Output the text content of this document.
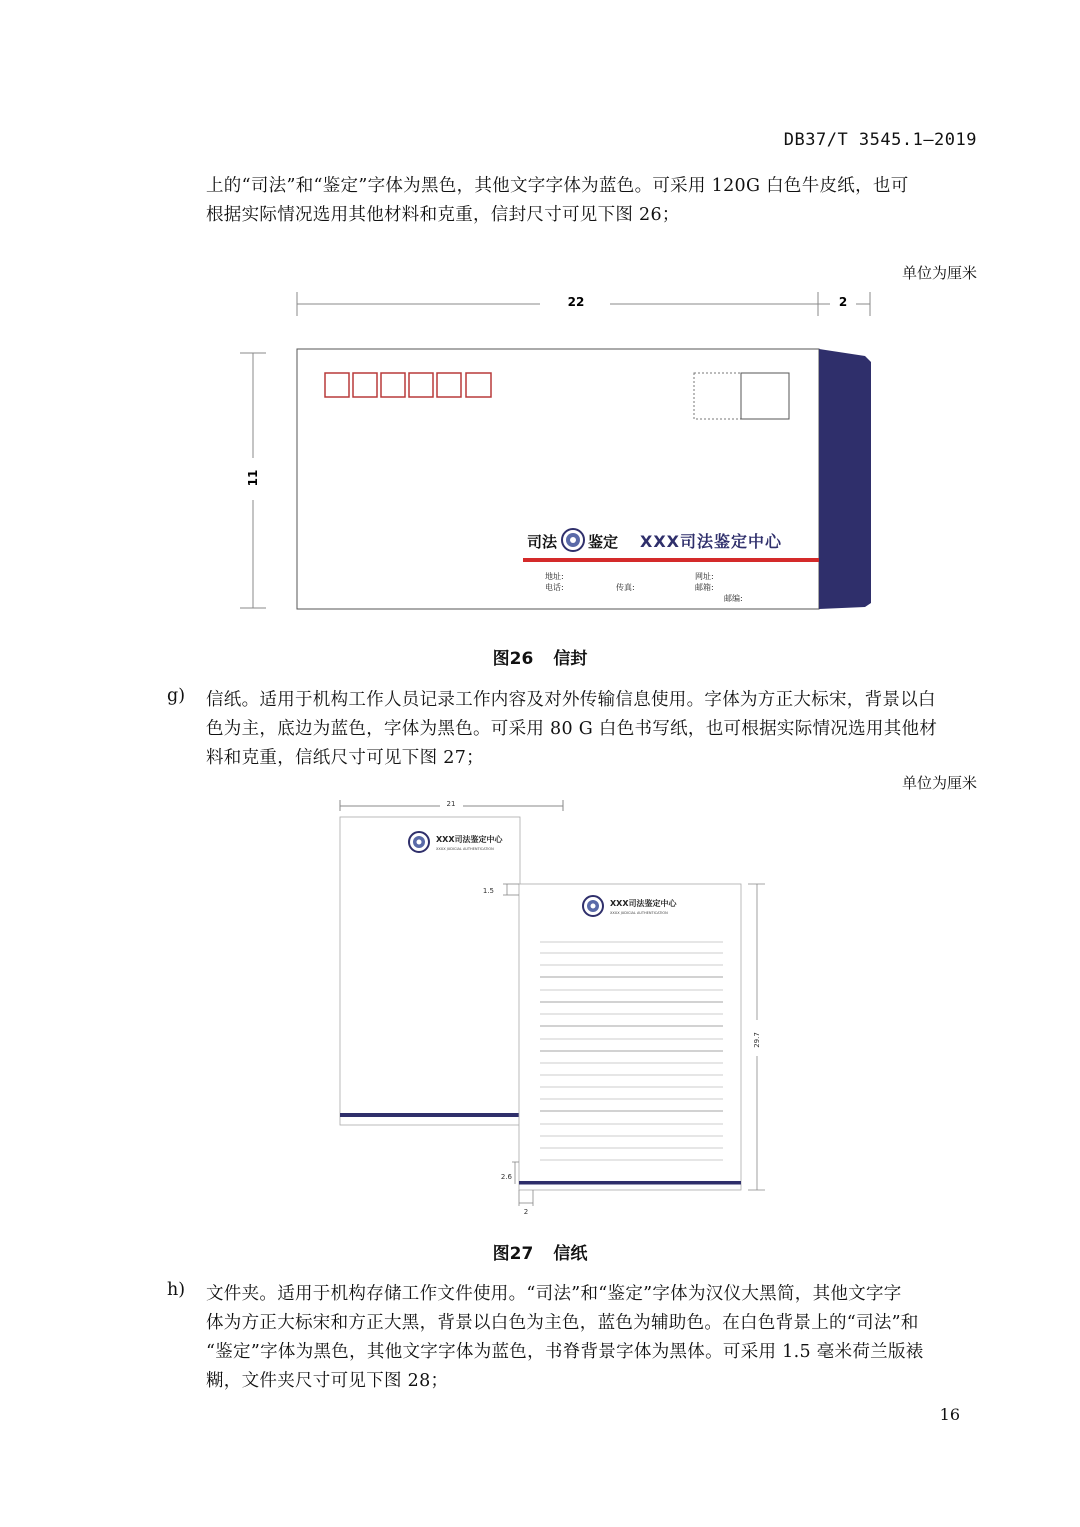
DB37/T 3545.1—2019

上的“司法”和“鉴定”字体为黑色，其他文字字体为蓝色。可采用 120G 白色牛皮纸，也可

根据实际情况选用其他材料和克重，信封尺寸可见下图 26；

单位为厘米
22	2
11
司法 鉴定 XXX司法鉴定中心
地址:
电话:	传真:
网址:
邮箱:
邮编:
图26 信封
g) 信纸。适用于机构工作人员记录工作内容及对外传输信息使用。字体为方正大标宋，背景以白

色为主，底边为蓝色，字体为黑色。可采用 80 G 白色书写纸，也可根据实际情况选用其他材

料和克重，信纸尺寸可见下图 27；

单位为厘米
21
XXX司法鉴定中心
XXXX JUDICIAL AUTHENTICATION
XXX司法鉴定中心
XXXX JUDICIAL AUTHENTICATION
1.5
29.7
2.6
2
图27 信纸
h) 文件夹。适用于机构存储工作文件使用。“司法”和“鉴定”字体为汉仪大黑简，其他文字字

体为方正大标宋和方正大黑，背景以白色为主色，蓝色为辅助色。在白色背景上的“司法”和

“鉴定”字体为黑色，其他文字字体为蓝色，书脊背景字体为黑体。可采用 1.5 毫米荷兰版裱

糊，文件夹尺寸可见下图 28；

16
